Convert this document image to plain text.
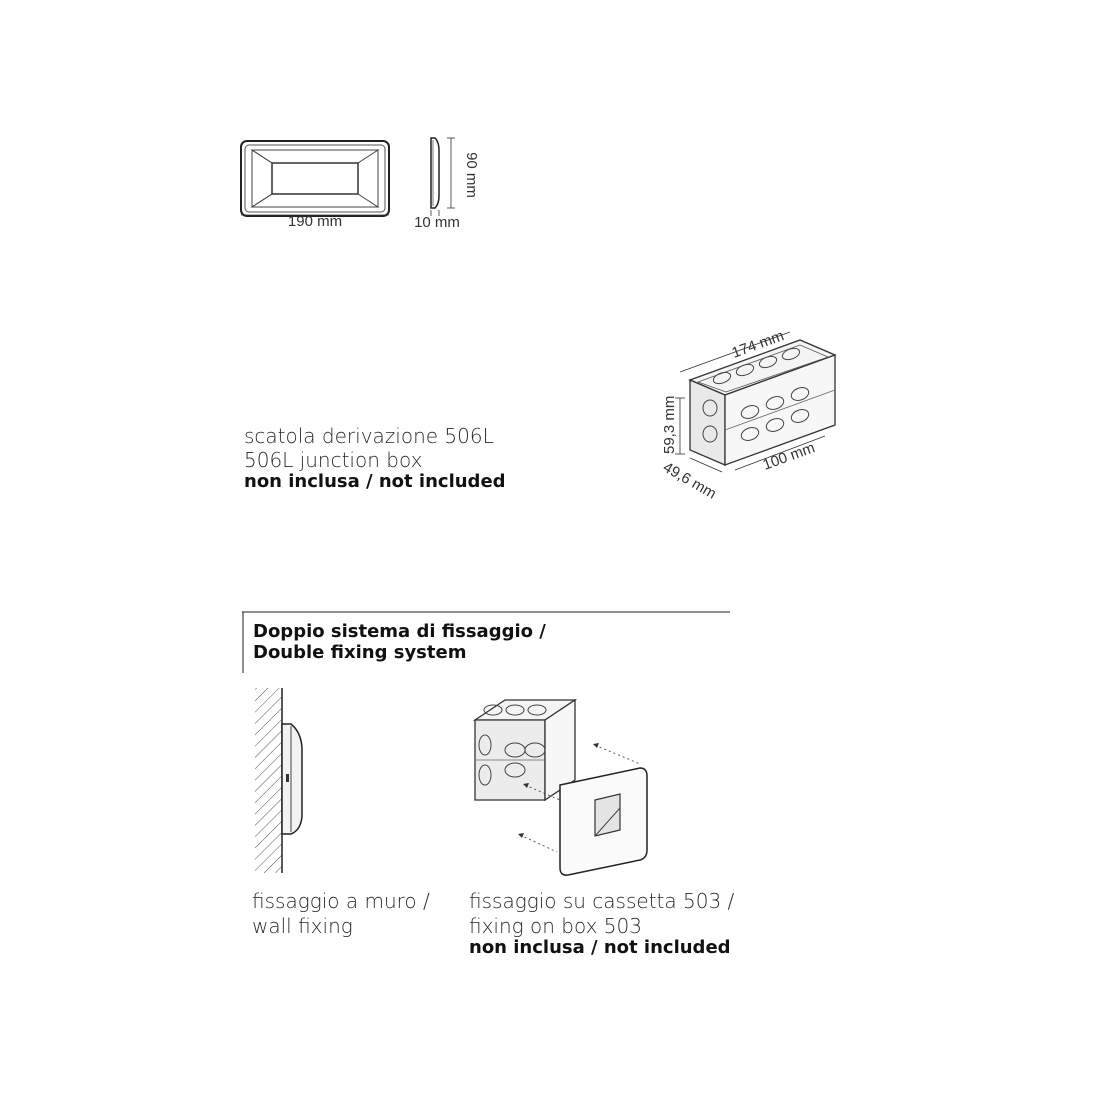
190 mm
90 mm
10 mm
scatola derivazione 506L
506L junction box
non inclusa / not included
174 mm
59,3 mm
49,6 mm
100 mm
Doppio sistema di fissaggio /
Double fixing system
fissaggio a muro /
wall fixing
fissaggio su cassetta 503 /
fixing on box 503
non inclusa / not included
